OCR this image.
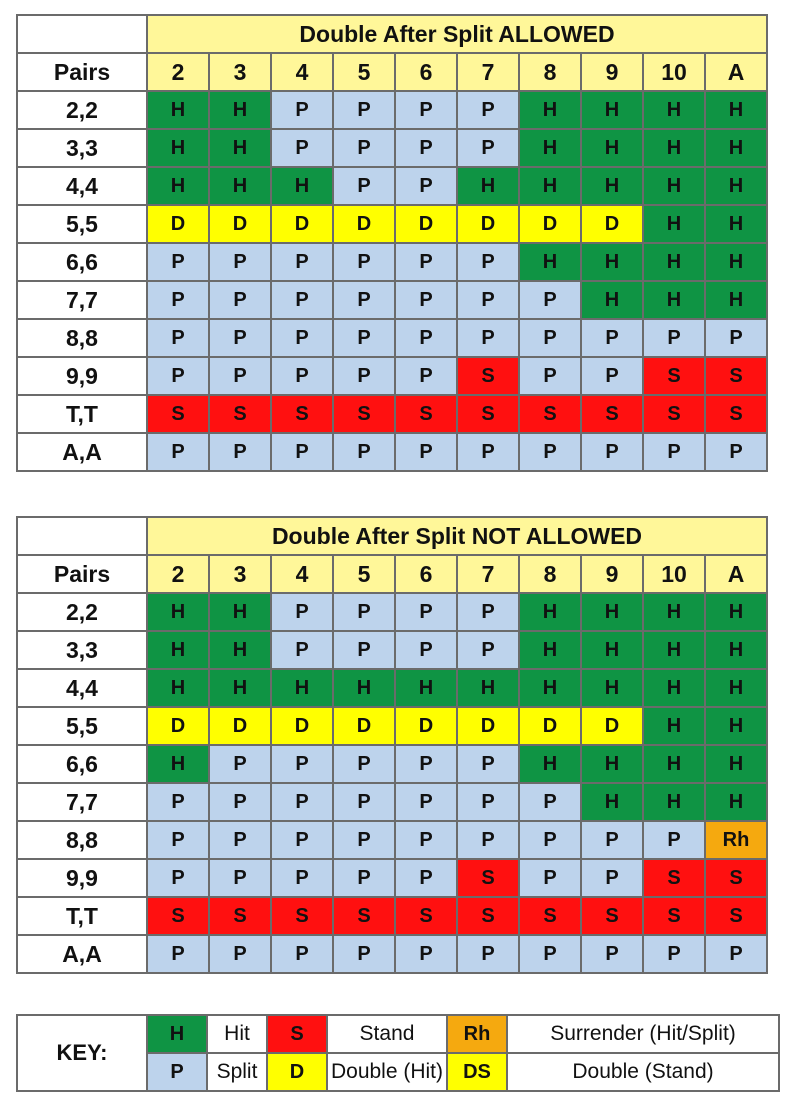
	Double After Split ALLOWED									
Pairs	2	3	4	5	6	7	8	9	10	A
2,2	H	H	P	P	P	P	H	H	H	H
3,3	H	H	P	P	P	P	H	H	H	H
4,4	H	H	H	P	P	H	H	H	H	H
5,5	D	D	D	D	D	D	D	D	H	H
6,6	P	P	P	P	P	P	H	H	H	H
7,7	P	P	P	P	P	P	P	H	H	H
8,8	P	P	P	P	P	P	P	P	P	P
9,9	P	P	P	P	P	S	P	P	S	S
T,T	S	S	S	S	S	S	S	S	S	S
A,A	P	P	P	P	P	P	P	P	P	P
	Double After Split NOT ALLOWED									
Pairs	2	3	4	5	6	7	8	9	10	A
2,2	H	H	P	P	P	P	H	H	H	H
3,3	H	H	P	P	P	P	H	H	H	H
4,4	H	H	H	H	H	H	H	H	H	H
5,5	D	D	D	D	D	D	D	D	H	H
6,6	H	P	P	P	P	P	H	H	H	H
7,7	P	P	P	P	P	P	P	H	H	H
8,8	P	P	P	P	P	P	P	P	P	Rh
9,9	P	P	P	P	P	S	P	P	S	S
T,T	S	S	S	S	S	S	S	S	S	S
A,A	P	P	P	P	P	P	P	P	P	P
KEY:	H	Hit	S	Stand	Rh	Surrender (Hit/Split)
	P	Split	D	Double (Hit)	DS	Double (Stand)
